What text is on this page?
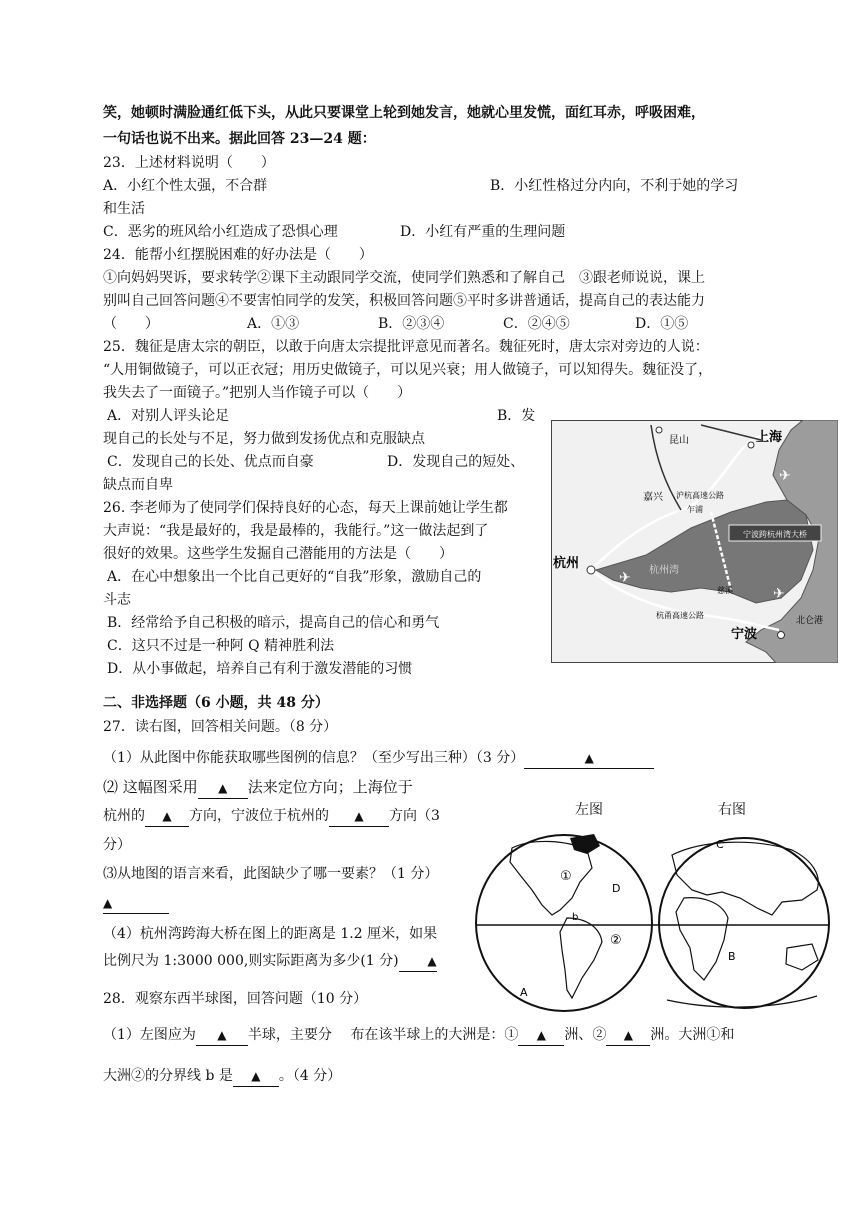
笑，她顿时满脸通红低下头，从此只要课堂上轮到她发言，她就心里发慌，面红耳赤，呼吸困难，
一句话也说不出来。据此回答 23—24 题：
23．上述材料说明（　　）
A．小红个性太强，不合群	B．小红性格过分内向，不利于她的学习
和生活
C．恶劣的班风给小红造成了恐惧心理	D．小红有严重的生理问题
24．能帮小红摆脱困难的好办法是（　　）
①向妈妈哭诉，要求转学②课下主动跟同学交流，使同学们熟悉和了解自己　③跟老师说说，课上
别叫自己回答问题④不要害怕同学的发笑，积极回答问题⑤平时多讲普通话，提高自己的表达能力
（　　）	A．①③	B．②③④	C．②④⑤	D．①⑤
25．魏征是唐太宗的朝臣，以敢于向唐太宗提批评意见而著名。魏征死时，唐太宗对旁边的人说：
“人用铜做镜子，可以正衣冠；用历史做镜子，可以见兴衰；用人做镜子，可以知得失。魏征没了，
我失去了一面镜子。”把别人当作镜子可以（　　）
A．对别人评头论足	B．发
现自己的长处与不足，努力做到发扬优点和克服缺点
C．发现自己的长处、优点而自豪	D．发现自己的短处、
缺点而自卑
26. 李老师为了使同学们保持良好的心态，每天上课前她让学生都
大声说：“我是最好的，我是最棒的，我能行。”这一做法起到了
很好的效果。这些学生发掘自己潜能用的方法是（　　）
A．在心中想象出一个比自己更好的“自我”形象，激励自己的
斗志
B．经常给予自己积极的暗示，提高自己的信心和勇气
C．这只不过是一种阿 Q 精神胜利法
D．从小事做起，培养自己有利于激发潜能的习惯
宁波跨杭州湾大桥
昆山	上海
嘉兴 沪杭高速公路
乍浦
杭州	杭州湾
慈溪
杭甬高速公路
北仑港
宁波
✈
✈
✈
二、非选择题（6 小题，共 48 分）
27．读右图，回答相关问题。（8 分）
（1）从此图中你能获取哪些图例的信息？（至少写出三种）（3 分）	▲
⑵ 这幅图采用 ▲ 法来定位方向；上海位于
杭州的 ▲ 方向，宁波位于杭州的 ▲ 方向（3
分）
⑶从地图的语言来看，此图缺少了哪一要素？（1 分）
▲
（4）杭州湾跨海大桥在图上的距离是 1.2 厘米，如果
比例尺为 1:3000 000,则实际距离为多少(1 分) ▲
左图	右图
①
②
D
b
A
B
C
28．观察东西半球图，回答问题（10 分）
（1）左图应为 ▲ 半球，主要分　 布在该半球上的大洲是：① ▲ 洲、② ▲ 洲。大洲①和
大洲②的分界线 b 是 ▲ 。（4 分）
